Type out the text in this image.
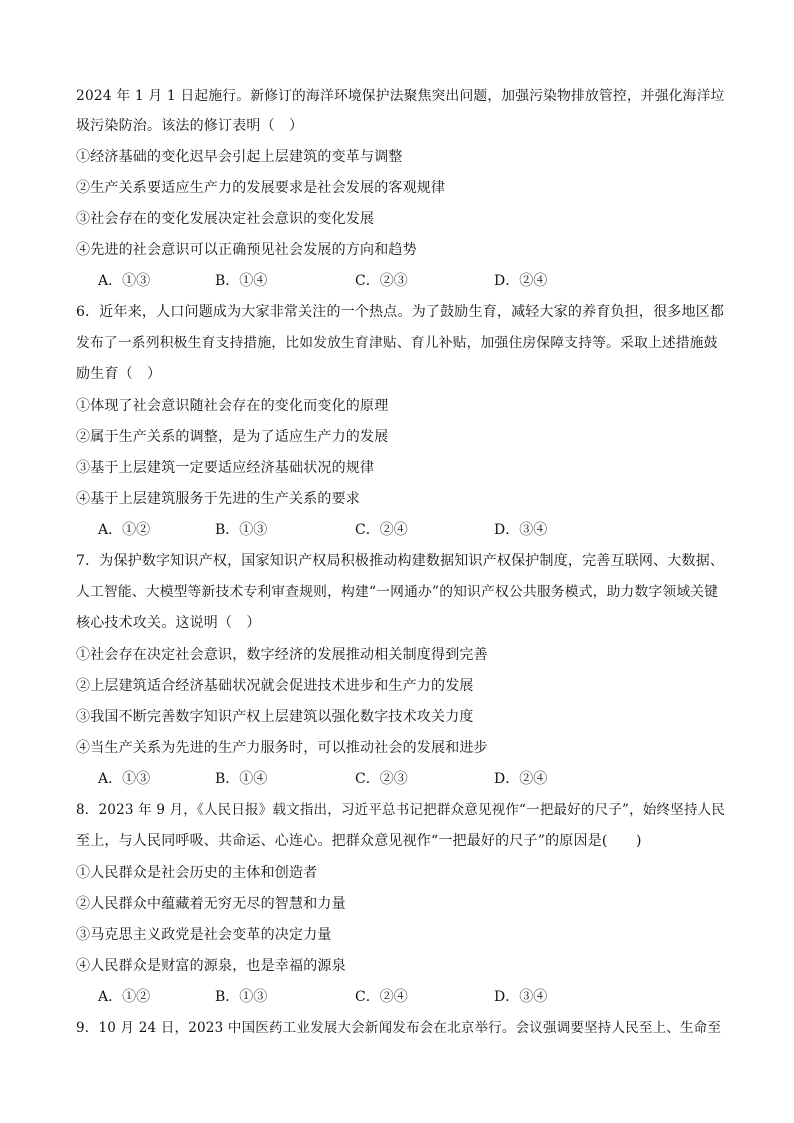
2024 年 1 月 1 日起施行。新修订的海洋环境保护法聚焦突出问题，加强污染物排放管控，并强化海洋垃
圾污染防治。该法的修订表明（　）
①经济基础的变化迟早会引起上层建筑的变革与调整
②生产关系要适应生产力的发展要求是社会发展的客观规律
③社会存在的变化发展决定社会意识的变化发展
④先进的社会意识可以正确预见社会发展的方向和趋势
A．①③	B．①④	C．②③	D．②④
6．近年来，人口问题成为大家非常关注的一个热点。为了鼓励生育，减轻大家的养育负担，很多地区都
发布了一系列积极生育支持措施，比如发放生育津贴、育儿补贴，加强住房保障支持等。采取上述措施鼓
励生育（　）
①体现了社会意识随社会存在的变化而变化的原理
②属于生产关系的调整，是为了适应生产力的发展
③基于上层建筑一定要适应经济基础状况的规律
④基于上层建筑服务于先进的生产关系的要求
A．①②	B．①③	C．②④	D．③④
7．为保护数字知识产权，国家知识产权局积极推动构建数据知识产权保护制度，完善互联网、大数据、
人工智能、大模型等新技术专利审查规则，构建“一网通办”的知识产权公共服务模式，助力数字领域关键
核心技术攻关。这说明（　）
①社会存在决定社会意识，数字经济的发展推动相关制度得到完善
②上层建筑适合经济基础状况就会促进技术进步和生产力的发展
③我国不断完善数字知识产权上层建筑以强化数字技术攻关力度
④当生产关系为先进的生产力服务时，可以推动社会的发展和进步
A．①③	B．①④	C．②③	D．②④
8．2023 年 9 月，《人民日报》载文指出，习近平总书记把群众意见视作“一把最好的尺子”，始终坚持人民
至上，与人民同呼吸、共命运、心连心。把群众意见视作“一把最好的尺子”的原因是(　　)
①人民群众是社会历史的主体和创造者
②人民群众中蕴藏着无穷无尽的智慧和力量
③马克思主义政党是社会变革的决定力量
④人民群众是财富的源泉，也是幸福的源泉
A．①②	B．①③	C．②④	D．③④
9．10 月 24 日，2023 中国医药工业发展大会新闻发布会在北京举行。会议强调要坚持人民至上、生命至
